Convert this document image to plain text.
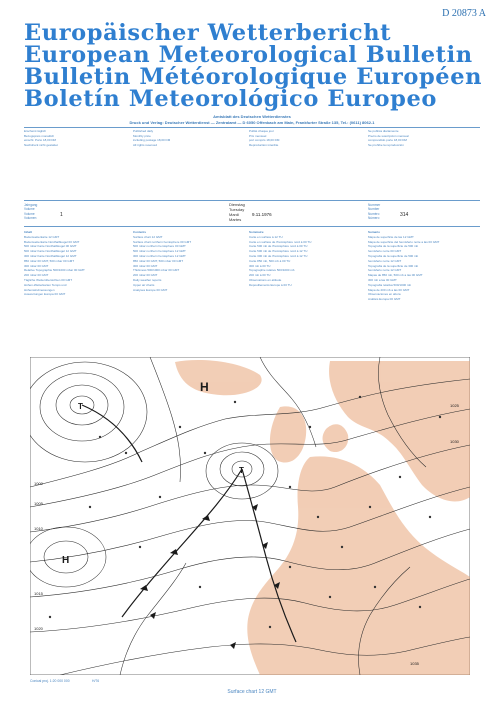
D 20873 A
Europäischer Wetterbericht
European Meteorological Bulletin
Bulletin Météorologique Européen
Boletín Meteorológico Europeo
Amtsblatt des Deutschen Wetterdienstes
Druck und Verlag: Deutscher Wetterdienst — Zentralamt — D 6050 Offenbach am Main, Frankfurter Straße 135, Tel.: (0611) 8062-1
Erscheint täglich
Bezugspreis monatlich
einschl. Porto 18,00 DM
Nachdruck nicht gestattet
Published daily
Monthly price
including postage 18,00 DM
All rights reserved
Publié chaque jour
Prix mensuel
port compris 18,00 DM
Reproduction interdite
Se publica diariamente
Precio de suscripción mensual
comprendido porte 18,00 DM
Se prohibe la reproducción
Jahrgang
Volume
Volume
Volumen
1
Dienstag
Tuesday
Mardi
Martes
9.11.1976
Nummer
Number
Numéro
Número
314
Inhalt
Bodenwetterkarte 12 GMT
Bodenwetterkarte Nordhalbkugel 00 GMT
500 mbar Karte Nordhalbkugel 00 GMT
500 mbar Karte Nordhalbkugel 12 GMT
300 mbar Karte Nordhalbkugel 12 GMT
850 mbar 00 GMT, 500 mbar 00 GMT
300 mbar 00 GMT
Relative Topographie 500/1000 mbar 00 GMT
200 mbar 00 GMT
Tägliche Wetterübersichten 00 GMT
Höhen-Wetterkarten Temps und
Höhenwindmessungen
Auswertungen Europa 00 GMT
Contents
Surface chart 12 GMT
Surface chart northern hemisphere 00 GMT
500 mbar northern hemisphere 00 GMT
500 mbar northern hemisphere 12 GMT
300 mbar northern hemisphere 12 GMT
850 mbar 00 GMT, 500 mbar 00 GMT
300 mbar 00 GMT
Thickness 500/1000 mbar 00 GMT
200 mbar 00 GMT
Daily weather reports
Upper air charts
Analyses Europe 00 GMT
Sommaire
Carte en surface à 12 TU
Carte en surface de l'hémisphère nord à 00 TU
Carte 500 mb de l'hémisphère nord à 00 TU
Carte 500 mb de l'hémisphère nord à 12 TU
Carte 300 mb de l'hémisphère nord à 12 TU
Carte 850 mb, 500 mb à 00 TU
300 mb à 00 TU
Topographie relative 500/1000 mb
200 mb à 00 TU
Observations en altitude
Dépouillements Europe à 00 TU
Sumario
Mapa de superficie de las 12 GMT
Mapa de superficie del hemisferio norte a las 00 GMT
Topografía de la superficie de 500 mb
hemisferio norte 00 GMT
Topografía de la superficie de 500 mb
hemisferio norte 12 GMT
Topografía de la superficie de 300 mb
hemisferio norte 12 GMT
Mapas de 850 mb, 500 mb a las 00 GMT
300 mb a las 00 GMT
Topografía relativa 500/1000 mb
Mapa de 200 mb a las 00 GMT
Observaciones en altura
Análisis Europa 00 GMT
H
H
T
T
1000
1005
1010
1015
1020
1025
1030
1035
Conical proj. 1:20 000 000	H/76
Surface chart 12 GMT
